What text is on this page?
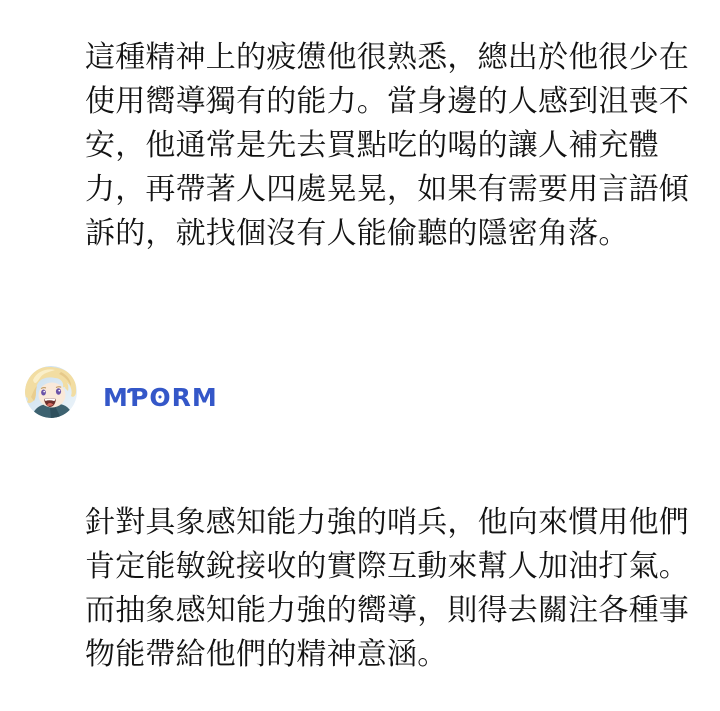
這種精神上的疲憊他很熟悉，總出於他很少在使用嚮導獨有的能力。當身邊的人感到沮喪不安，他通常是先去買點吃的喝的讓人補充體力，再帶著人四處晃晃，如果有需要用言語傾訴的，就找個沒有人能偷聽的隱密角落。

MƤʘRM

針對具象感知能力強的哨兵，他向來慣用他們肯定能敏銳接收的實際互動來幫人加油打氣。而抽象感知能力強的嚮導，則得去關注各種事物能帶給他們的精神意涵。
